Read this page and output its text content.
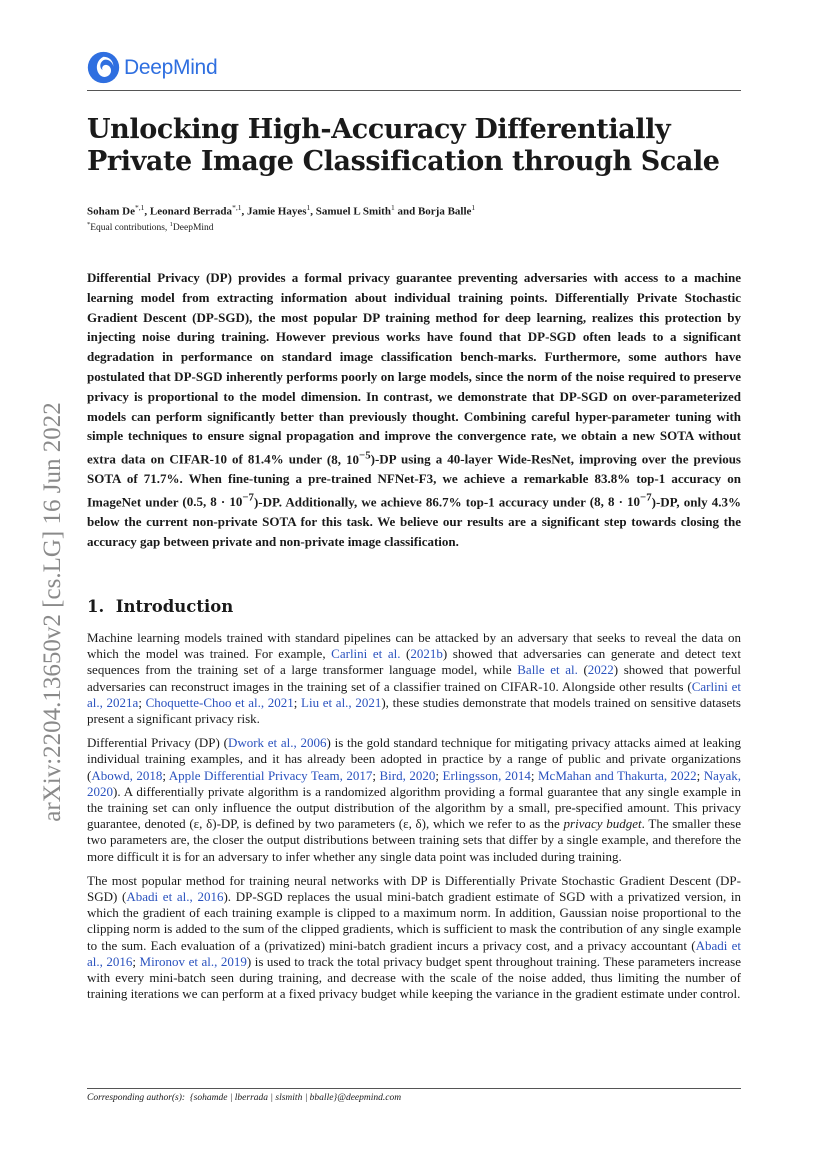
DeepMind
arXiv:2204.13650v2 [cs.LG] 16 Jun 2022
Unlocking High-Accuracy Differentially Private Image Classification through Scale
Soham $De^{*,1}$, Leonard Berrada$^{*,1}$, Jamie Hayes$^1$, Samuel L Smith$^1$ and Borja Balle$^1$
*Equal contributions, $^1$DeepMind

Differential Privacy (DP) provides a formal privacy guarantee preventing adversaries with access to a machine learning model from extracting information about individual training points. Differentially Private Stochastic Gradient Descent (DP-SGD), the most popular DP training method for deep learning, realizes this protection by injecting noise during training. However previous works have found that DP-SGD often leads to a significant degradation in performance on standard image classification bench-marks. Furthermore, some authors have postulated that DP-SGD inherently performs poorly on large models, since the norm of the noise required to preserve privacy is proportional to the model dimension. In contrast, we demonstrate that DP-SGD on over-parameterized models can perform significantly better than previously thought. Combining careful hyper-parameter tuning with simple techniques to ensure signal propagation and improve the convergence rate, we obtain a new SOTA without extra data on CIFAR-10 of 81.4% under (8, $10^{-5})-DP$ using a 40-layer Wide-ResNet, improving over the previous SOTA of 71.7%. When fine-tuning a pre-trained NFNet-F3, we achieve a remarkable 83.8% top-1 accuracy on ImageNet under (0.5, $8 \cdot 10^{-7})-DP$. Additionally, we achieve 86.7% top-1 accuracy under (8, $8 \cdot 10^{-7})-DP$, only 4.3% below the current non-private SOTA for this task. We believe our results are a significant step towards closing the accuracy gap between private and non-private image classification.

1. Introduction

Machine learning models trained with standard pipelines can be attacked by an adversary that seeks to reveal the data on which the model was trained. For example, Carlini et al. (2021b) showed that adversaries can generate and detect text sequences from the training set of a large transformer language model, while Balle et al. (2022) showed that powerful adversaries can reconstruct images in the training set of a classifier trained on CIFAR-10. Alongside other results (Carlini et al., 2021a; Choquette-Choo et al., 2021; Liu et al., 2021), these studies demonstrate that models trained on sensitive datasets present a significant privacy risk.

Differential Privacy (DP) (Dwork et al., 2006) is the gold standard technique for mitigating privacy attacks aimed at leaking individual training examples, and it has already been adopted in practice by a range of public and private organizations (Abowd, 2018; Apple Differential Privacy Team, 2017; Bird, 2020; Erlingsson, 2014; McMahan and Thakurta, 2022; Nayak, 2020). A differentially private algorithm is a randomized algorithm providing a formal guarantee that any single example in the training set can only influence the output distribution of the algorithm by a small, pre-specified amount. This privacy guarantee, denoted (ε, δ)-DP, is defined by two parameters (ε, δ), which we refer to as the privacy budget. The smaller these two parameters are, the closer the output distributions between training sets that differ by a single example, and therefore the more difficult it is for an adversary to infer whether any single data point was included during training.

The most popular method for training neural networks with DP is Differentially Private Stochastic Gradient Descent (DP-SGD) (Abadi et al., 2016). DP-SGD replaces the usual mini-batch gradient estimate of SGD with a privatized version, in which the gradient of each training example is clipped to a maximum norm. In addition, Gaussian noise proportional to the clipping norm is added to the sum of the clipped gradients, which is sufficient to mask the contribution of any single example to the sum. Each evaluation of a (privatized) mini-batch gradient incurs a privacy cost, and a privacy accountant (Abadi et al., 2016; Mironov et al., 2019) is used to track the total privacy budget spent throughout training. These parameters increase with every mini-batch seen during training, and decrease with the scale of the noise added, thus limiting the number of training iterations we can perform at a fixed privacy budget while keeping the variance in the gradient estimate under control.

Corresponding author(s): {sohamde | lberrada | slsmith | bballe}@deepmind.com
